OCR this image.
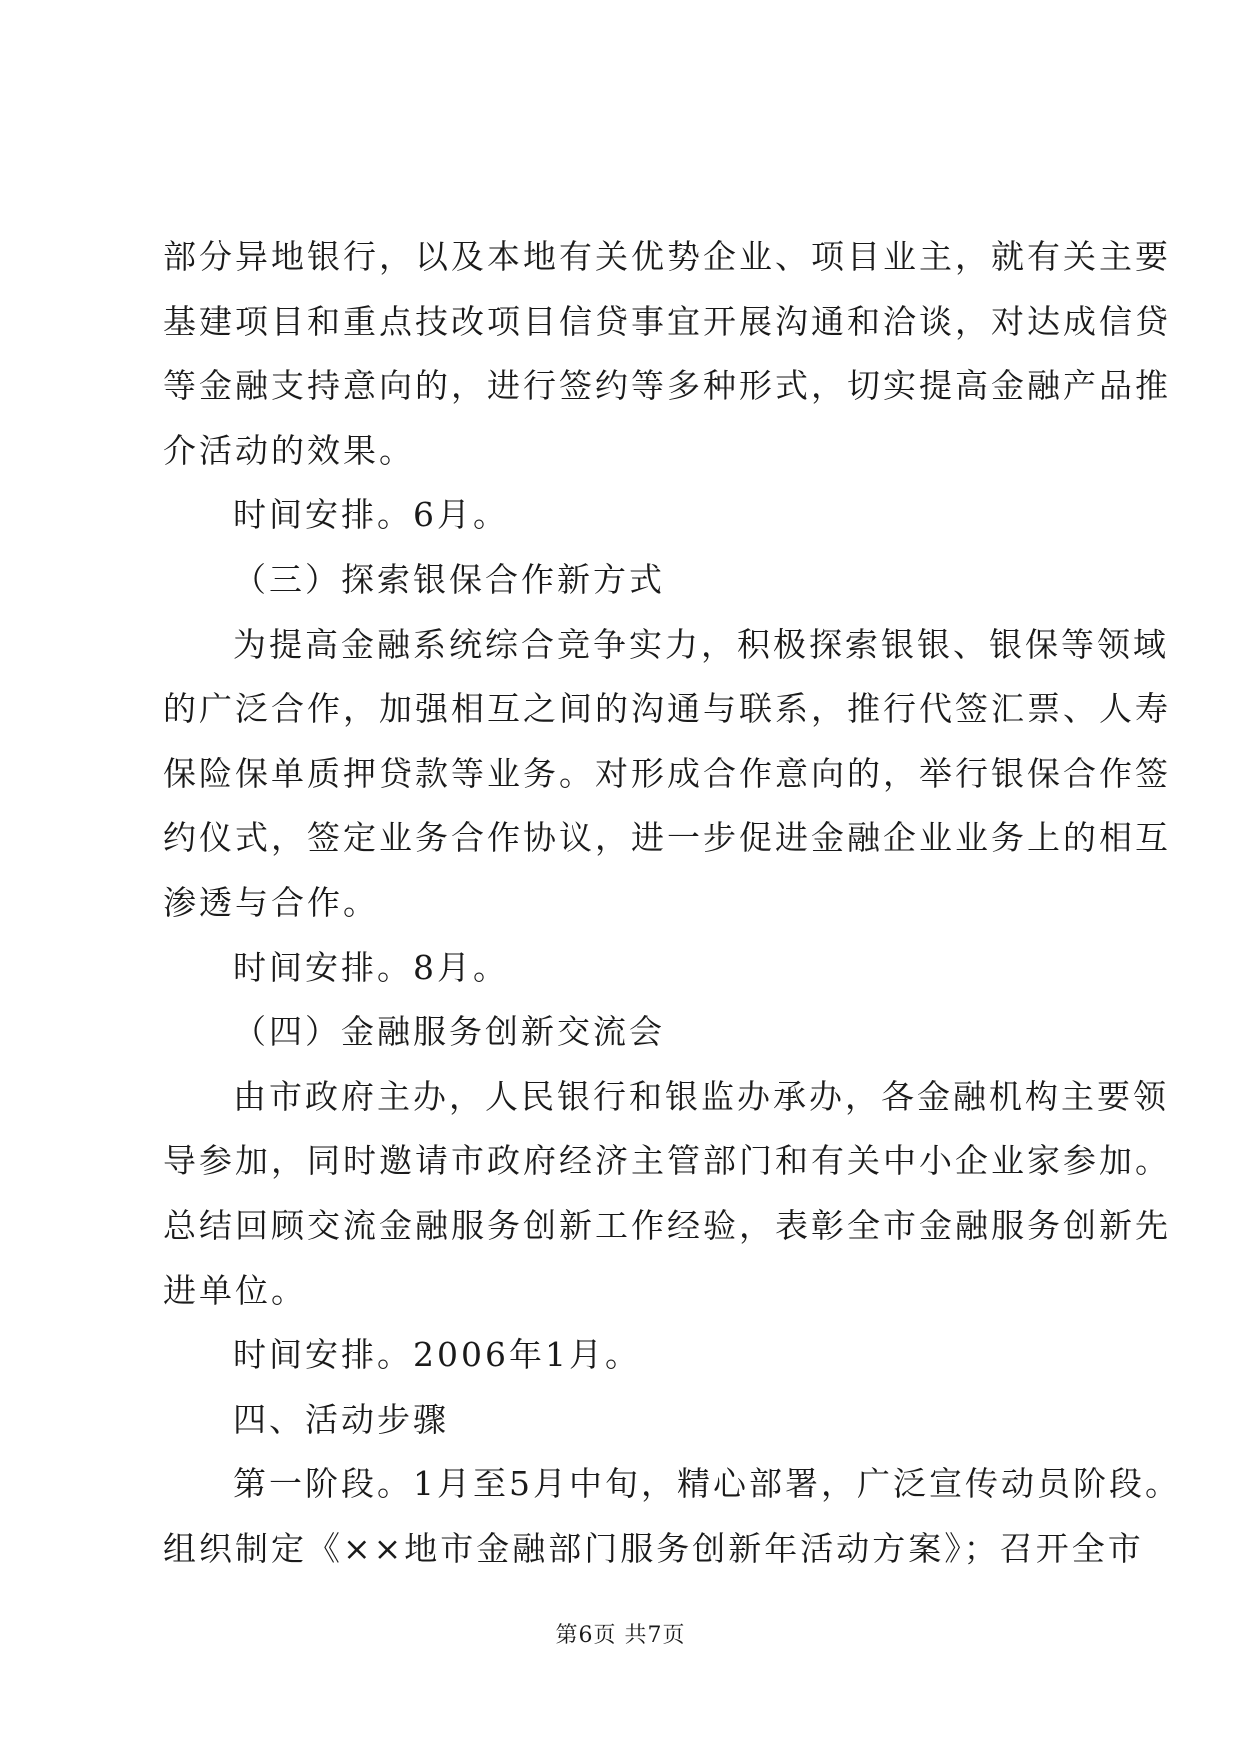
部分异地银行，以及本地有关优势企业、项目业主，就有关主要
基建项目和重点技改项目信贷事宜开展沟通和洽谈，对达成信贷
等金融支持意向的，进行签约等多种形式，切实提高金融产品推
介活动的效果。
时间安排。6月。
（三）探索银保合作新方式
为提高金融系统综合竞争实力，积极探索银银、银保等领域
的广泛合作，加强相互之间的沟通与联系，推行代签汇票、人寿
保险保单质押贷款等业务。对形成合作意向的，举行银保合作签
约仪式，签定业务合作协议，进一步促进金融企业业务上的相互
渗透与合作。
时间安排。8月。
（四）金融服务创新交流会
由市政府主办，人民银行和银监办承办，各金融机构主要领
导参加，同时邀请市政府经济主管部门和有关中小企业家参加。
总结回顾交流金融服务创新工作经验，表彰全市金融服务创新先
进单位。
时间安排。2006年1月。
四、活动步骤
第一阶段。1月至5月中旬，精心部署，广泛宣传动员阶段。
组织制定《××地市金融部门服务创新年活动方案》；召开全市
第6页 共7页
